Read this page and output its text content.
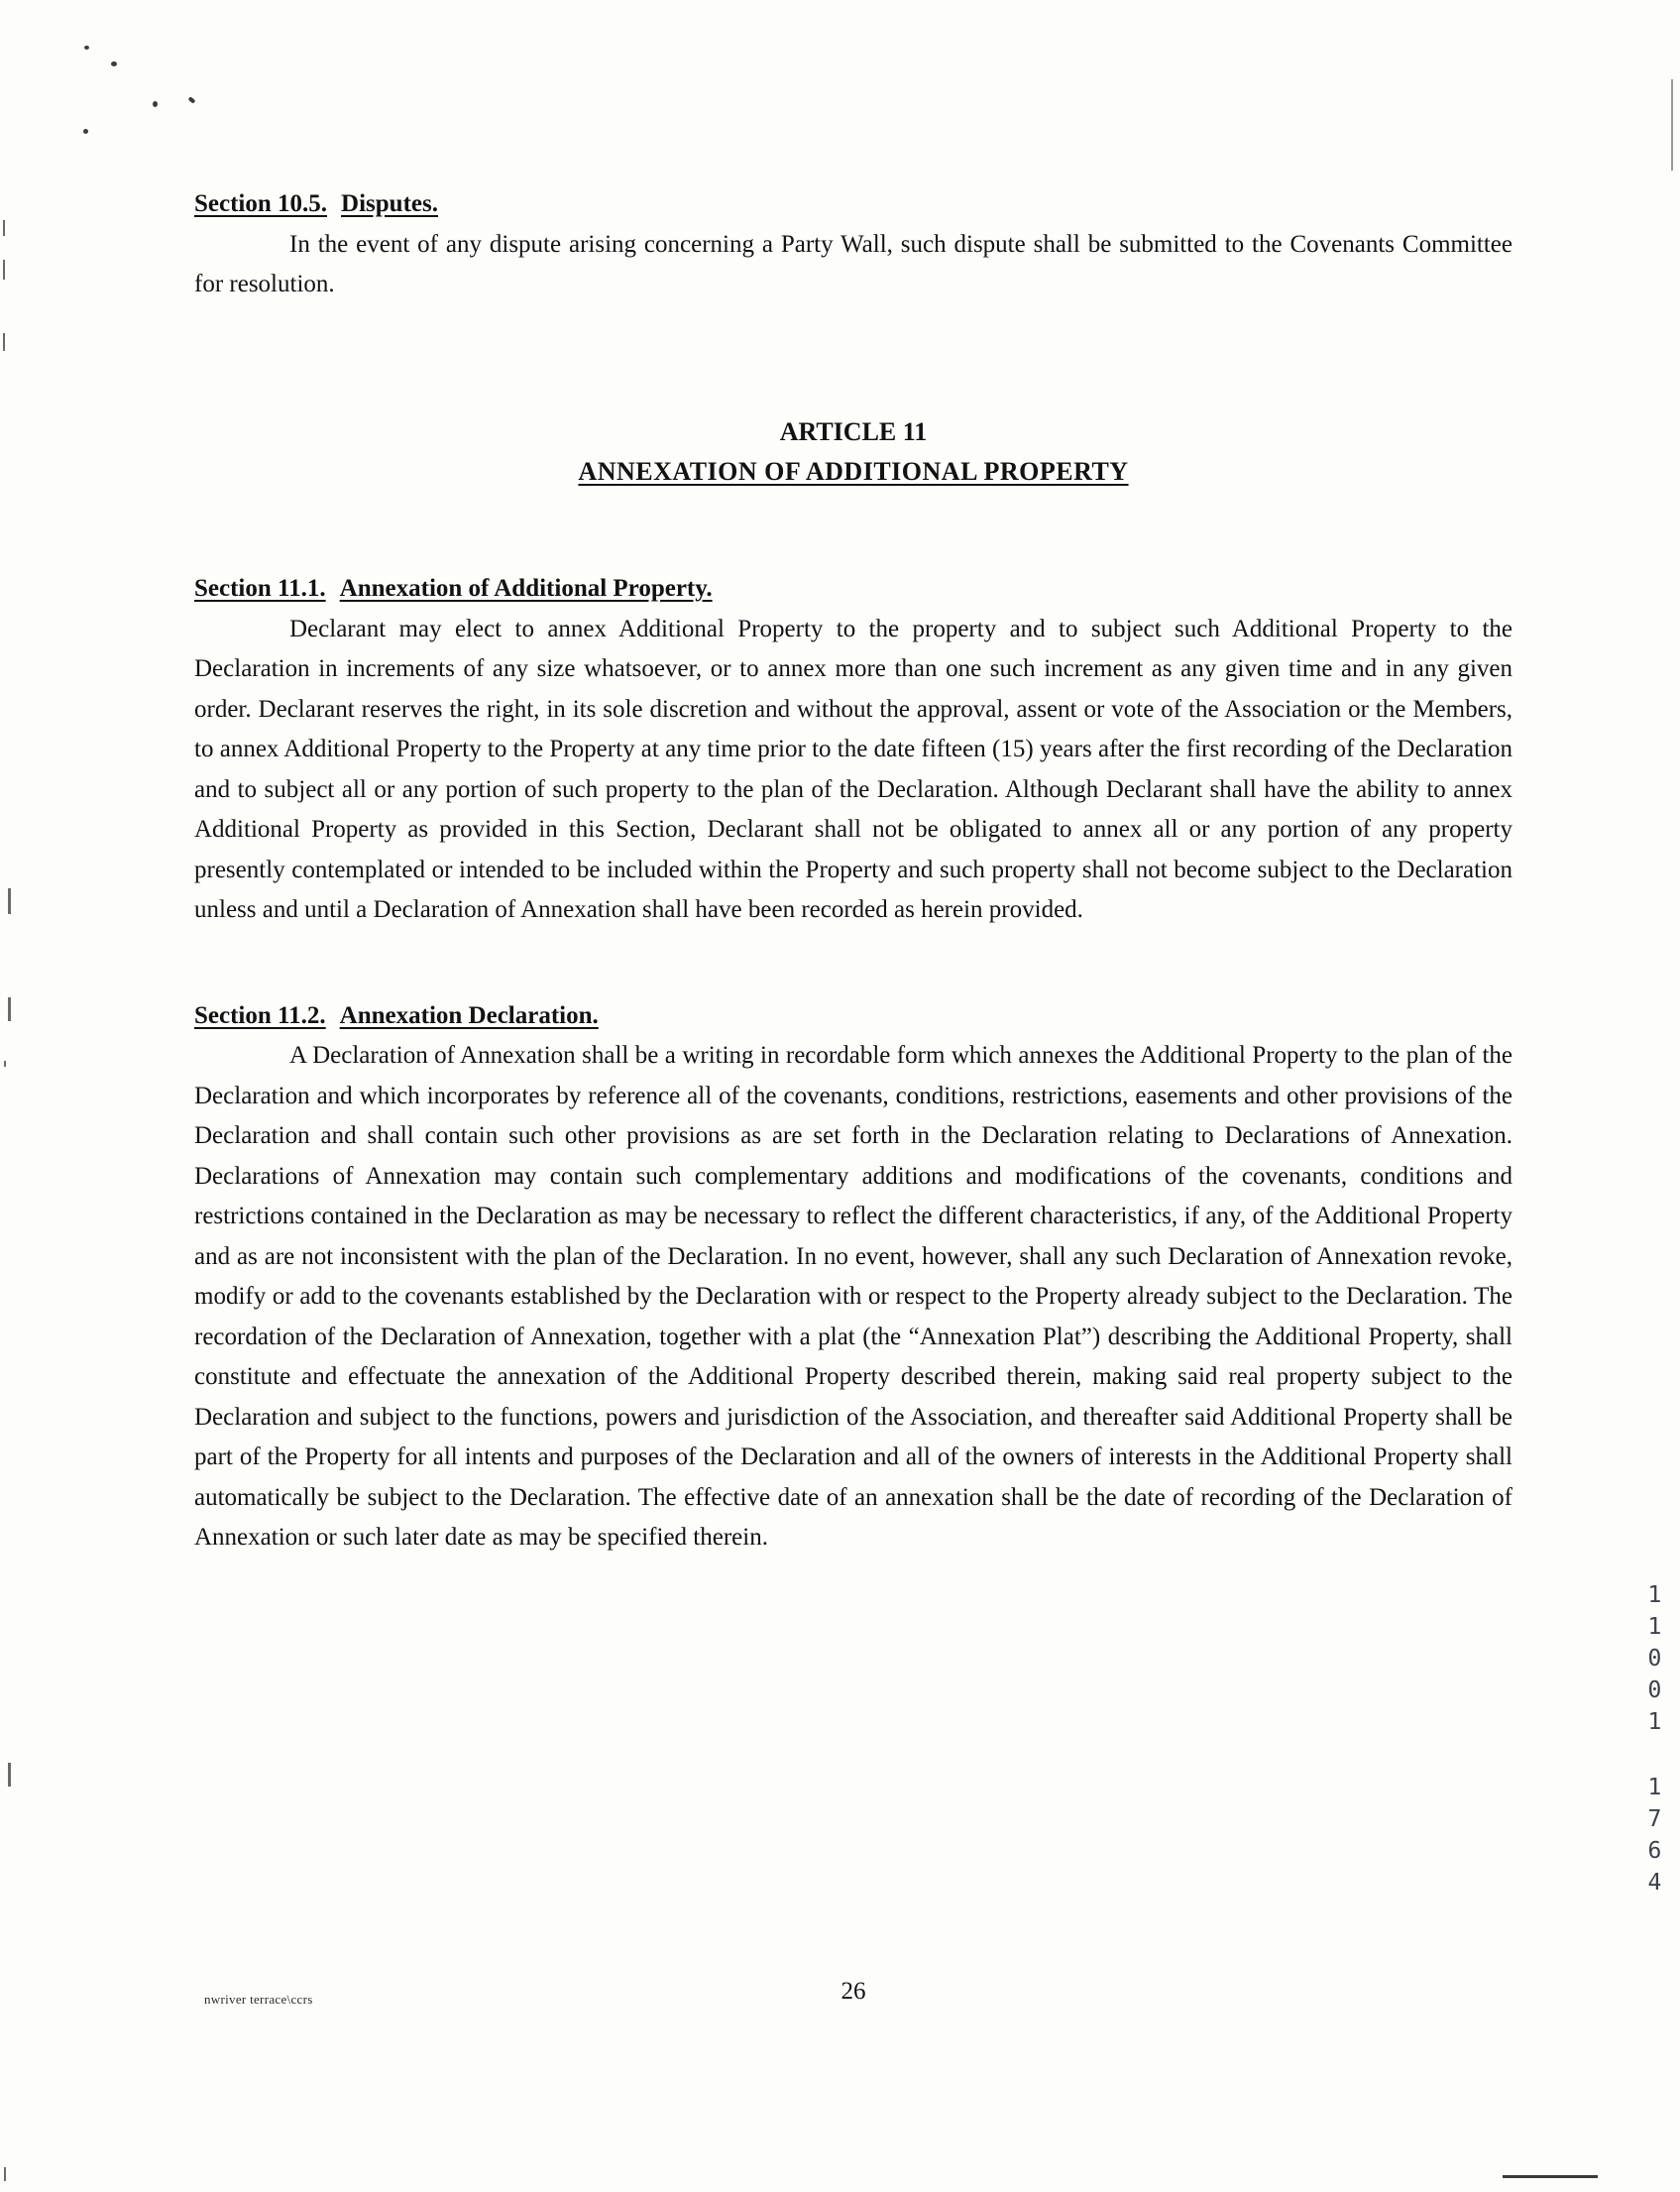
Section 10.5. Disputes.

In the event of any dispute arising concerning a Party Wall, such dispute shall be submitted to the Covenants Committee for resolution.

ARTICLE 11
ANNEXATION OF ADDITIONAL PROPERTY
Section 11.1. Annexation of Additional Property.

Declarant may elect to annex Additional Property to the property and to subject such Additional Property to the Declaration in increments of any size whatsoever, or to annex more than one such increment as any given time and in any given order. Declarant reserves the right, in its sole discretion and without the approval, assent or vote of the Association or the Members, to annex Additional Property to the Property at any time prior to the date fifteen (15) years after the first recording of the Declaration and to subject all or any portion of such property to the plan of the Declaration. Although Declarant shall have the ability to annex Additional Property as provided in this Section, Declarant shall not be obligated to annex all or any portion of any property presently contemplated or intended to be included within the Property and such property shall not become subject to the Declaration unless and until a Declaration of Annexation shall have been recorded as herein provided.

Section 11.2. Annexation Declaration.

A Declaration of Annexation shall be a writing in recordable form which annexes the Additional Property to the plan of the Declaration and which incorporates by reference all of the covenants, conditions, restrictions, easements and other provisions of the Declaration and shall contain such other provisions as are set forth in the Declaration relating to Declarations of Annexation. Declarations of Annexation may contain such complementary additions and modifications of the covenants, conditions and restrictions contained in the Declaration as may be necessary to reflect the different characteristics, if any, of the Additional Property and as are not inconsistent with the plan of the Declaration. In no event, however, shall any such Declaration of Annexation revoke, modify or add to the covenants established by the Declaration with or respect to the Property already subject to the Declaration. The recordation of the Declaration of Annexation, together with a plat (the “Annexation Plat”) describing the Additional Property, shall constitute and effectuate the annexation of the Additional Property described therein, making said real property subject to the Declaration and subject to the functions, powers and jurisdiction of the Association, and thereafter said Additional Property shall be part of the Property for all intents and purposes of the Declaration and all of the owners of interests in the Additional Property shall automatically be subject to the Declaration. The effective date of an annexation shall be the date of recording of the Declaration of Annexation or such later date as may be specified therein.

11001
1764
nwriver terrace\ccrs	26
